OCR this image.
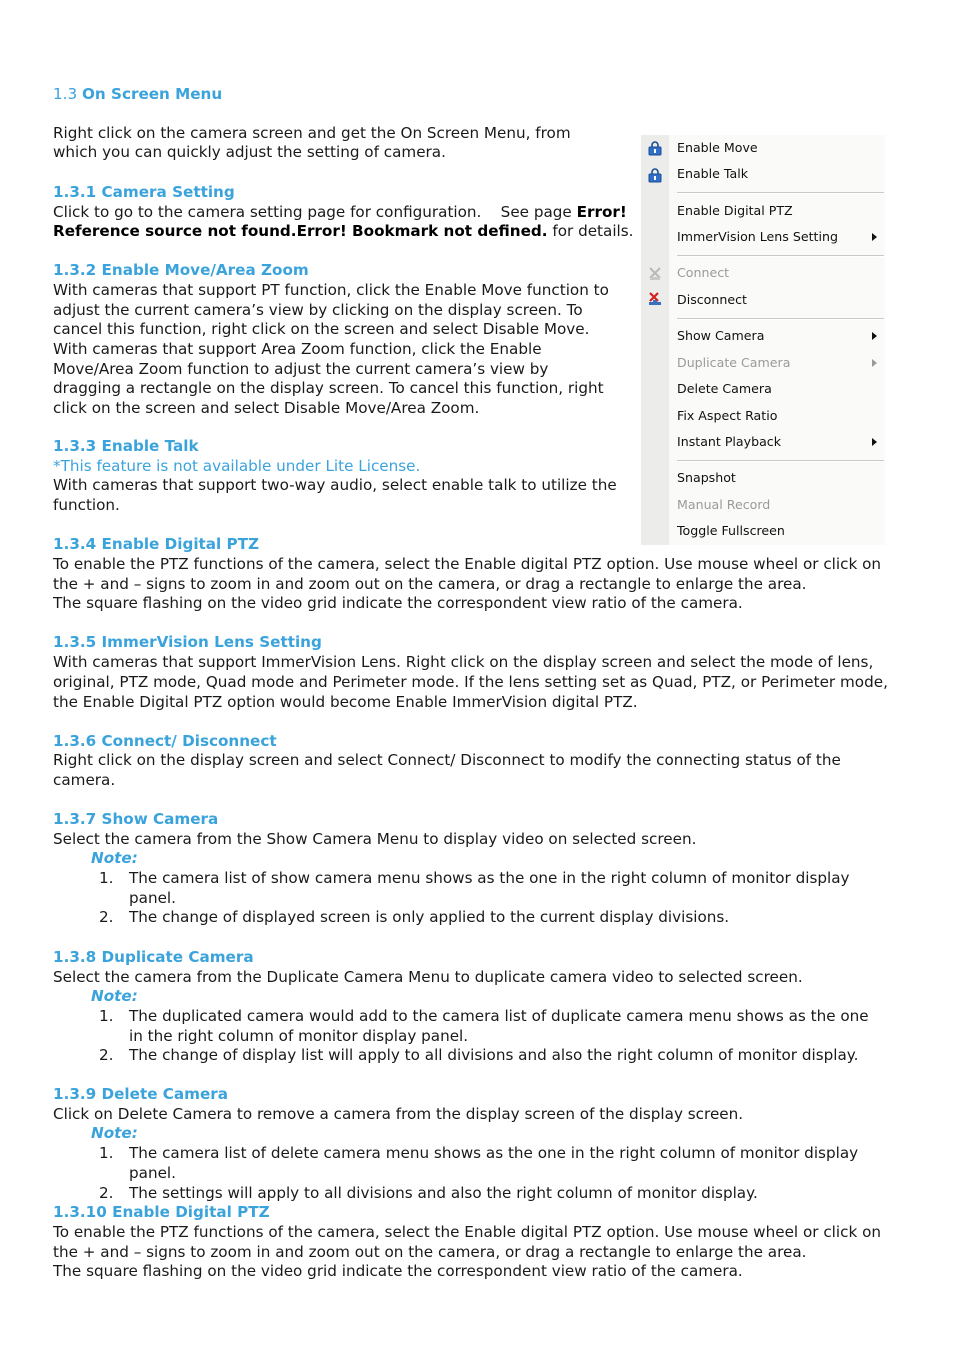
1.3 On Screen Menu
Right click on the camera screen and get the On Screen Menu, from
which you can quickly adjust the setting of camera.
1.3.1 Camera Setting
Click to go to the camera setting page for configuration.    See page Error!
Reference source not found.Error! Bookmark not defined. for details.
1.3.2 Enable Move/Area Zoom
With cameras that support PT function, click the Enable Move function to
adjust the current camera’s view by clicking on the display screen. To
cancel this function, right click on the screen and select Disable Move.
With cameras that support Area Zoom function, click the Enable
Move/Area Zoom function to adjust the current camera’s view by
dragging a rectangle on the display screen. To cancel this function, right
click on the screen and select Disable Move/Area Zoom.
1.3.3 Enable Talk
*This feature is not available under Lite License.
With cameras that support two-way audio, select enable talk to utilize the
function.
1.3.4 Enable Digital PTZ
To enable the PTZ functions of the camera, select the Enable digital PTZ option. Use mouse wheel or click on
the + and – signs to zoom in and zoom out on the camera, or drag a rectangle to enlarge the area.
The square flashing on the video grid indicate the correspondent view ratio of the camera.
1.3.5 ImmerVision Lens Setting
With cameras that support ImmerVision Lens. Right click on the display screen and select the mode of lens,
original, PTZ mode, Quad mode and Perimeter mode. If the lens setting set as Quad, PTZ, or Perimeter mode,
the Enable Digital PTZ option would become Enable ImmerVision digital PTZ.
1.3.6 Connect/ Disconnect
Right click on the display screen and select Connect/ Disconnect to modify the connecting status of the
camera.
1.3.7 Show Camera
Select the camera from the Show Camera Menu to display video on selected screen.
Note:
1.	The camera list of show camera menu shows as the one in the right column of monitor display
panel.
2.	The change of displayed screen is only applied to the current display divisions.
1.3.8 Duplicate Camera
Select the camera from the Duplicate Camera Menu to duplicate camera video to selected screen.
Note:
1.	The duplicated camera would add to the camera list of duplicate camera menu shows as the one
in the right column of monitor display panel.
2.	The change of display list will apply to all divisions and also the right column of monitor display.
1.3.9 Delete Camera
Click on Delete Camera to remove a camera from the display screen of the display screen.
Note:
1.	The camera list of delete camera menu shows as the one in the right column of monitor display
panel.
2.	The settings will apply to all divisions and also the right column of monitor display.
1.3.10 Enable Digital PTZ
To enable the PTZ functions of the camera, select the Enable digital PTZ option. Use mouse wheel or click on
the + and – signs to zoom in and zoom out on the camera, or drag a rectangle to enlarge the area.
The square flashing on the video grid indicate the correspondent view ratio of the camera.
Enable Move
Enable Talk
Enable Digital PTZ
ImmerVision Lens Setting
Connect
Disconnect
Show Camera
Duplicate Camera
Delete Camera
Fix Aspect Ratio
Instant Playback
Snapshot
Manual Record
Toggle Fullscreen
